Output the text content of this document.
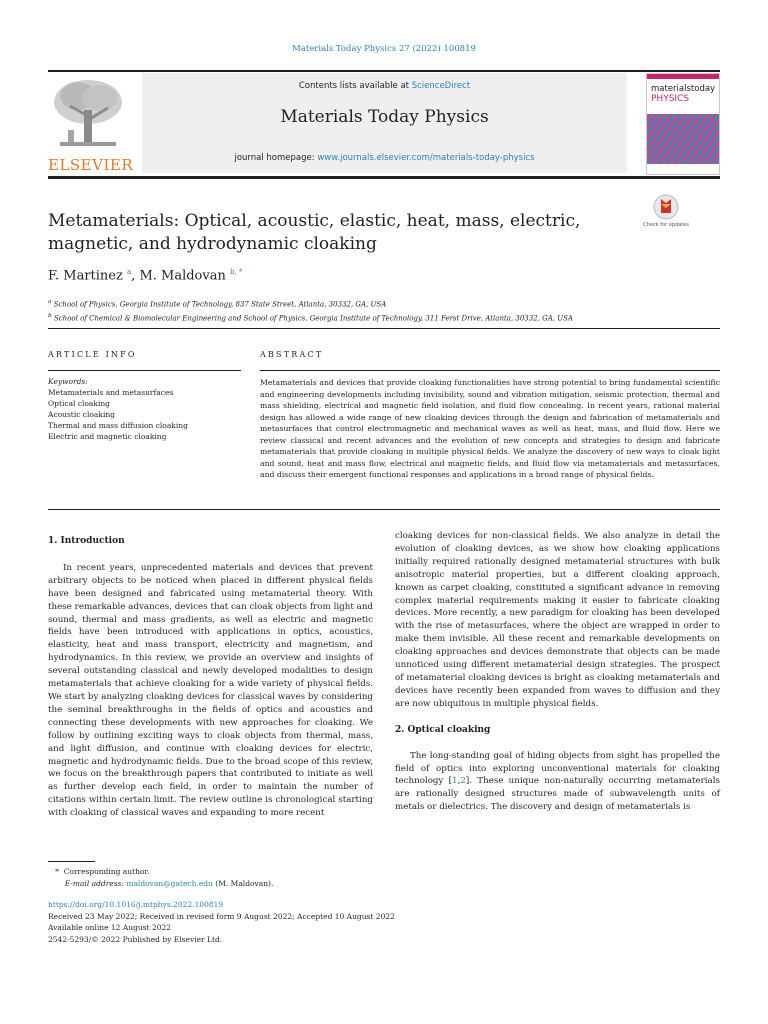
Materials Today Physics 27 (2022) 100819
ELSEVIER
Contents lists available at ScienceDirect
Materials Today Physics
journal homepage: www.journals.elsevier.com/materials-today-physics
materialstoday
PHYSICS
Check for updates
Metamaterials: Optical, acoustic, elastic, heat, mass, electric, magnetic, and hydrodynamic cloaking
F. Martinez $^a$, M. Maldovan $^{b, *}$
$^a$ School of Physics, Georgia Institute of Technology, 837 State Street, Atlanta, 30332, GA, USA
$^b$ School of Chemical & Biomolecular Engineering and School of Physics, Georgia Institute of Technology, 311 Ferst Drive, Atlanta, 30332, GA, USA
ARTICLE INFO	ABSTRACT
Keywords:
Metamaterials and metasurfaces
Optical cloaking
Acoustic cloaking
Thermal and mass diffusion cloaking
Electric and magnetic cloaking
Metamaterials and devices that provide cloaking functionalities have strong potential to bring fundamental scientific and engineering developments including invisibility, sound and vibration mitigation, seismic protection, thermal and mass shielding, electrical and magnetic field isolation, and fluid flow concealing. In recent years, rational material design has allowed a wide range of new cloaking devices through the design and fabrication of metamaterials and metasurfaces that control electromagnetic and mechanical waves as well as heat, mass, and fluid flow. Here we review classical and recent advances and the evolution of new concepts and strategies to design and fabricate metamaterials that provide cloaking in multiple physical fields. We analyze the discovery of new ways to cloak light and sound, heat and mass flow, electrical and magnetic fields, and fluid flow via metamaterials and metasurfaces, and discuss their emergent functional responses and applications in a broad range of physical fields.
1. Introduction

In recent years, unprecedented materials and devices that prevent arbitrary objects to be noticed when placed in different physical fields have been designed and fabricated using metamaterial theory. With these remarkable advances, devices that can cloak objects from light and sound, thermal and mass gradients, as well as electric and magnetic fields have been introduced with applications in optics, acoustics, elasticity, heat and mass transport, electricity and magnetism, and hydrodynamics. In this review, we provide an overview and insights of several outstanding classical and newly developed modalities to design metamaterials that achieve cloaking for a wide variety of physical fields. We start by analyzing cloaking devices for classical waves by considering the seminal breakthroughs in the fields of optics and acoustics and connecting these developments with new approaches for cloaking. We follow by outlining exciting ways to cloak objects from thermal, mass, and light diffusion, and continue with cloaking devices for electric, magnetic and hydrodynamic fields. Due to the broad scope of this review, we focus on the breakthrough papers that contributed to initiate as well as further develop each field, in order to maintain the number of citations within certain limit. The review outline is chronological starting with cloaking of classical waves and expanding to more recent

cloaking devices for non-classical fields. We also analyze in detail the evolution of cloaking devices, as we show how cloaking applications initially required rationally designed metamaterial structures with bulk anisotropic material properties, but a different cloaking approach, known as carpet cloaking, constituted a significant advance in removing complex material requirements making it easier to fabricate cloaking devices. More recently, a new paradigm for cloaking has been developed with the rise of metasurfaces, where the object are wrapped in order to make them invisible. All these recent and remarkable developments on cloaking approaches and devices demonstrate that objects can be made unnoticed using different metamaterial design strategies. The prospect of metamaterial cloaking devices is bright as cloaking metamaterials and devices have recently been expanded from waves to diffusion and they are now ubiquitous in multiple physical fields.

2. Optical cloaking

The long-standing goal of hiding objects from sight has propelled the field of optics into exploring unconventional materials for cloaking technology [1,2]. These unique non-naturally occurring metamaterials are rationally designed structures made of subwavelength units of metals or dielectrics. The discovery and design of metamaterials is

* Corresponding author.
E-mail address: maldovan@gatech.edu (M. Maldovan).
https://doi.org/10.1016/j.mtphys.2022.100819
Received 23 May 2022; Received in revised form 9 August 2022; Accepted 10 August 2022
Available online 12 August 2022
2542-5293/© 2022 Published by Elsevier Ltd.
